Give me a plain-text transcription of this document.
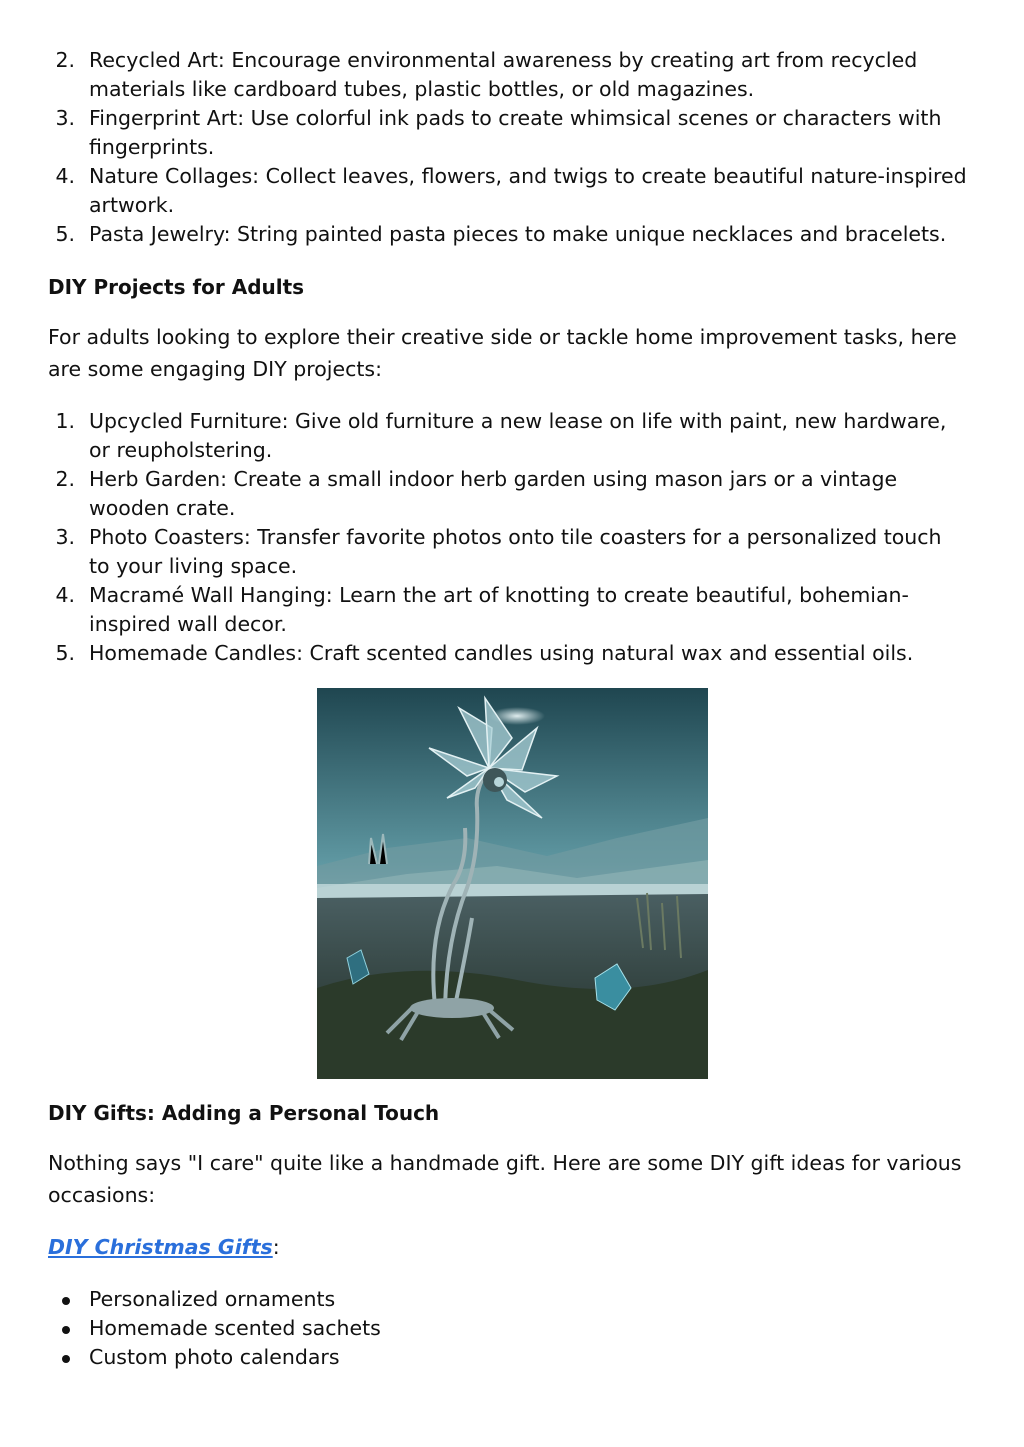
2. Recycled Art: Encourage environmental awareness by creating art from recycled materials like cardboard tubes, plastic bottles, or old magazines.
3. Fingerprint Art: Use colorful ink pads to create whimsical scenes or characters with fingerprints.
4. Nature Collages: Collect leaves, flowers, and twigs to create beautiful nature-inspired artwork.
5. Pasta Jewelry: String painted pasta pieces to make unique necklaces and bracelets.
DIY Projects for Adults

For adults looking to explore their creative side or tackle home improvement tasks, here are some engaging DIY projects:

1. Upcycled Furniture: Give old furniture a new lease on life with paint, new hardware, or reupholstering.
2. Herb Garden: Create a small indoor herb garden using mason jars or a vintage wooden crate.
3. Photo Coasters: Transfer favorite photos onto tile coasters for a personalized touch to your living space.
4. Macramé Wall Hanging: Learn the art of knotting to create beautiful, bohemian-inspired wall decor.
5. Homemade Candles: Craft scented candles using natural wax and essential oils.
DIY Gifts: Adding a Personal Touch

Nothing says "I care" quite like a handmade gift. Here are some DIY gift ideas for various occasions:

DIY Christmas Gifts:

Personalized ornaments
Homemade scented sachets
Custom photo calendars
